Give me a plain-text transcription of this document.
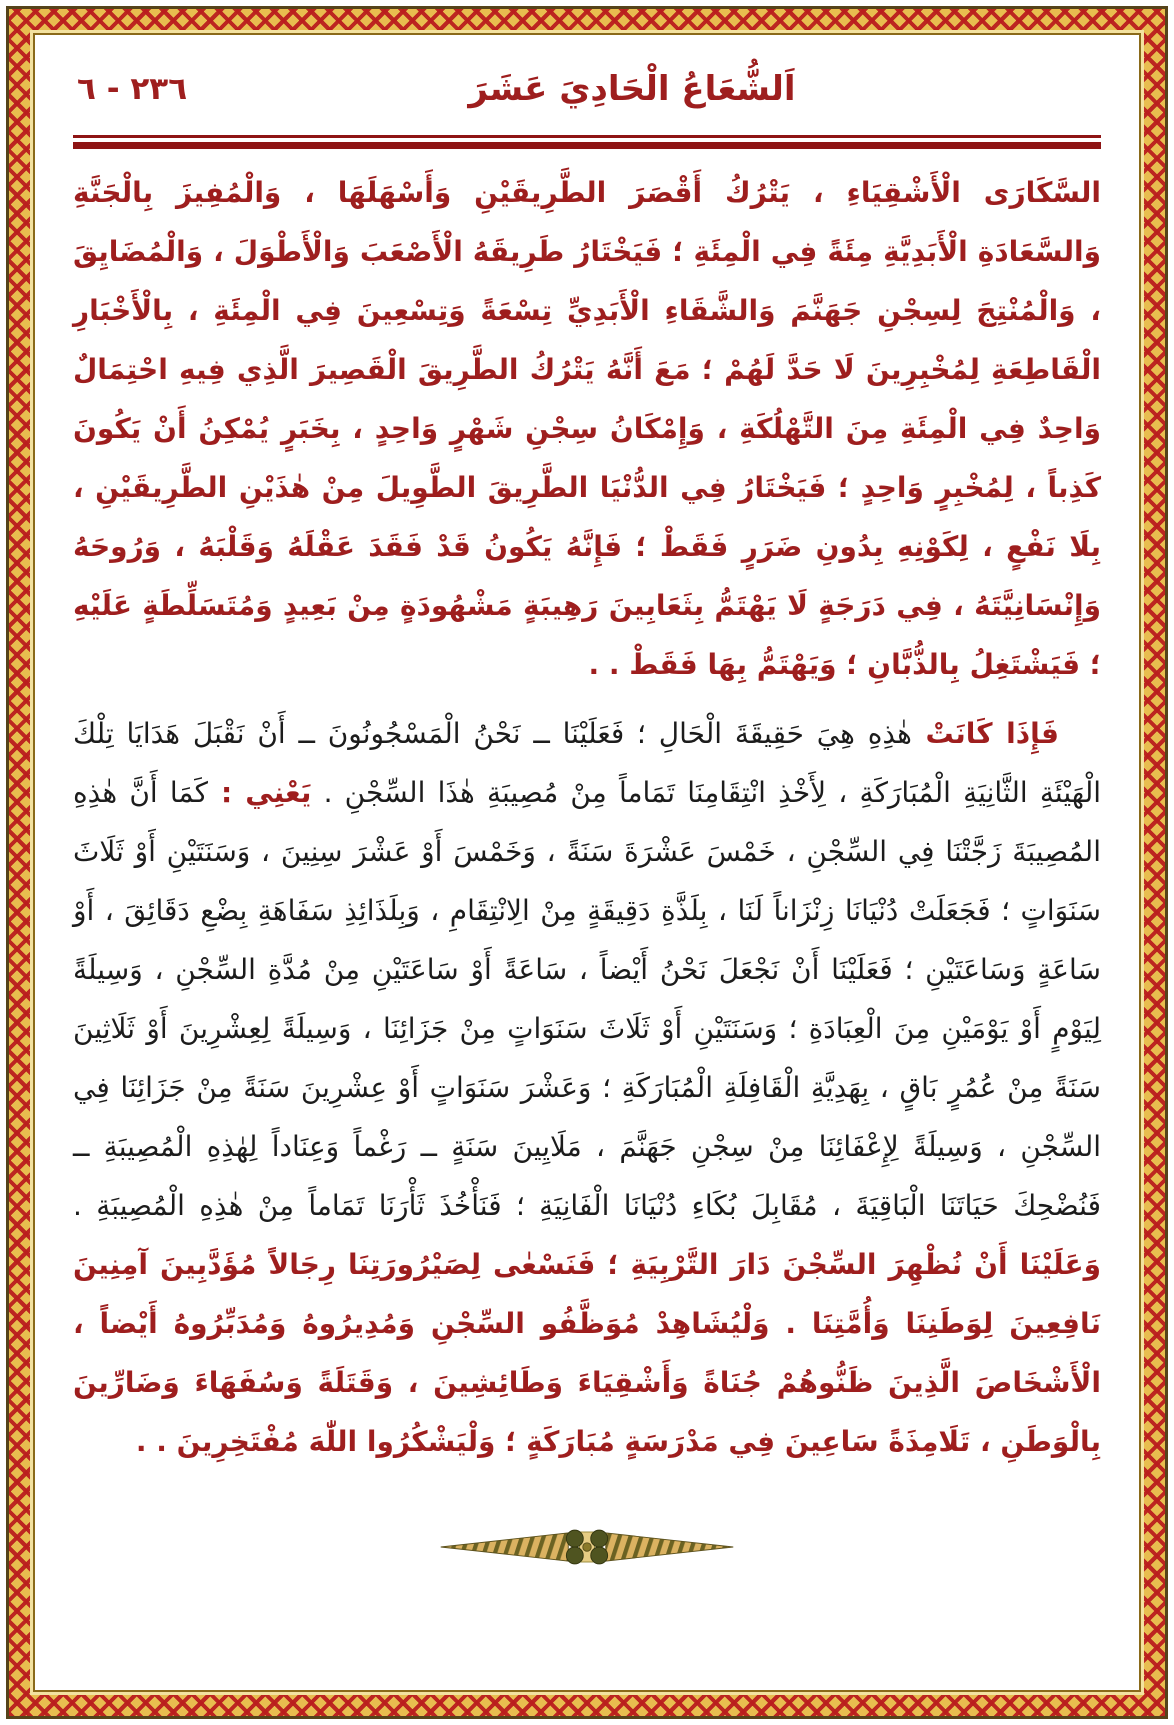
اَلشُّعَاعُ الْحَادِيَ عَشَرَ
٢٣٦ - ٦

السَّكَارَى الْأَشْقِيَاءِ ، يَتْرُكُ أَقْصَرَ الطَّرِيقَيْنِ وَأَسْهَلَهَا ، وَالْمُفِيزَ بِالْجَنَّةِ وَالسَّعَادَةِ الْأَبَدِيَّةِ مِئَةً فِي الْمِئَةِ ؛ فَيَخْتَارُ طَرِيقَهُ الْأَصْعَبَ وَالْأَطْوَلَ ، وَالْمُضَايِقَ ، وَالْمُنْتِجَ لِسِجْنِ جَهَنَّمَ وَالشَّقَاءِ الْأَبَدِيِّ تِسْعَةً وَتِسْعِينَ فِي الْمِئَةِ ، بِالْأَخْبَارِ الْقَاطِعَةِ لِمُخْبِرِينَ لَا حَدَّ لَهُمْ ؛ مَعَ أَنَّهُ يَتْرُكُ الطَّرِيقَ الْقَصِيرَ الَّذِي فِيهِ احْتِمَالٌ وَاحِدٌ فِي الْمِئَةِ مِنَ التَّهْلُكَةِ ، وَإِمْكَانُ سِجْنِ شَهْرٍ وَاحِدٍ ، بِخَبَرٍ يُمْكِنُ أَنْ يَكُونَ كَذِباً ، لِمُخْبِرٍ وَاحِدٍ ؛ فَيَخْتَارُ فِي الدُّنْيَا الطَّرِيقَ الطَّوِيلَ مِنْ هٰذَيْنِ الطَّرِيقَيْنِ ، بِلَا نَفْعٍ ، لِكَوْنِهِ بِدُونِ ضَرَرٍ فَقَطْ ؛ فَإِنَّهُ يَكُونُ قَدْ فَقَدَ عَقْلَهُ وَقَلْبَهُ ، وَرُوحَهُ وَإِنْسَانِيَّتَهُ ، فِي دَرَجَةٍ لَا يَهْتَمُّ بِثَعَابِينَ رَهِيبَةٍ مَشْهُودَةٍ مِنْ بَعِيدٍ وَمُتَسَلِّطَةٍ عَلَيْهِ ؛ فَيَشْتَغِلُ بِالذُّبَّانِ ؛ وَيَهْتَمُّ بِهَا فَقَطْ . .

فَإِذَا كَانَتْ هٰذِهِ هِيَ حَقِيقَةَ الْحَالِ ؛ فَعَلَيْنَا ــ نَحْنُ الْمَسْجُونُونَ ــ أَنْ نَقْبَلَ هَدَايَا تِلْكَ الْهَيْئَةِ الثَّانِيَةِ الْمُبَارَكَةِ ، لِأَخْذِ انْتِقَامِنَا تَمَاماً مِنْ مُصِيبَةِ هٰذَا السِّجْنِ . يَعْنِي : كَمَا أَنَّ هٰذِهِ المُصِيبَةَ زَجَّتْنَا فِي السِّجْنِ ، خَمْسَ عَشْرَةَ سَنَةً ، وَخَمْسَ أَوْ عَشْرَ سِنِينَ ، وَسَنَتَيْنِ أَوْ ثَلَاثَ سَنَوَاتٍ ؛ فَجَعَلَتْ دُنْيَانَا زِنْزَاناً لَنَا ، بِلَذَّةِ دَقِيقَةٍ مِنْ الِانْتِقَامِ ، وَبِلَذَائِذِ سَفَاهَةِ بِضْعِ دَقَائِقَ ، أَوْ سَاعَةٍ وَسَاعَتَيْنِ ؛ فَعَلَيْنَا أَنْ نَجْعَلَ نَحْنُ أَيْضاً ، سَاعَةً أَوْ سَاعَتَيْنِ مِنْ مُدَّةِ السِّجْنِ ، وَسِيلَةً لِيَوْمٍ أَوْ يَوْمَيْنِ مِنَ الْعِبَادَةِ ؛ وَسَنَتَيْنِ أَوْ ثَلَاثَ سَنَوَاتٍ مِنْ جَزَائِنَا ، وَسِيلَةً لِعِشْرِينَ أَوْ ثَلَاثِينَ سَنَةً مِنْ عُمُرٍ بَاقٍ ، بِهَدِيَّةِ الْقَافِلَةِ الْمُبَارَكَةِ ؛ وَعَشْرَ سَنَوَاتٍ أَوْ عِشْرِينَ سَنَةً مِنْ جَزَائِنَا فِي السِّجْنِ ، وَسِيلَةً لِإِعْفَائِنَا مِنْ سِجْنِ جَهَنَّمَ ، مَلَايِينَ سَنَةٍ ــ رَغْماً وَعِنَاداً لِهٰذِهِ الْمُصِيبَةِ ــ فَنُضْحِكَ حَيَاتَنَا الْبَاقِيَةَ ، مُقَابِلَ بُكَاءِ دُنْيَانَا الْفَانِيَةِ ؛ فَنَأْخُذَ ثَأْرَنَا تَمَاماً مِنْ هٰذِهِ الْمُصِيبَةِ . وَعَلَيْنَا أَنْ نُظْهِرَ السِّجْنَ دَارَ التَّرْبِيَةِ ؛ فَنَسْعٰى لِصَيْرُورَتِنَا رِجَالاً مُؤَدَّبِينَ آمِنِينَ نَافِعِينَ لِوَطَنِنَا وَأُمَّتِنَا . وَلْيُشَاهِدْ مُوَظَّفُو السِّجْنِ وَمُدِيرُوهُ وَمُدَبِّرُوهُ أَيْضاً ، الْأَشْخَاصَ الَّذِينَ ظَنُّوهُمْ جُنَاةً وَأَشْقِيَاءَ وَطَائِشِينَ ، وَقَتَلَةً وَسُفَهَاءَ وَضَارِّينَ بِالْوَطَنِ ، تَلَامِذَةً سَاعِينَ فِي مَدْرَسَةٍ مُبَارَكَةٍ ؛ وَلْيَشْكُرُوا اللّٰهَ مُفْتَخِرِينَ . .
